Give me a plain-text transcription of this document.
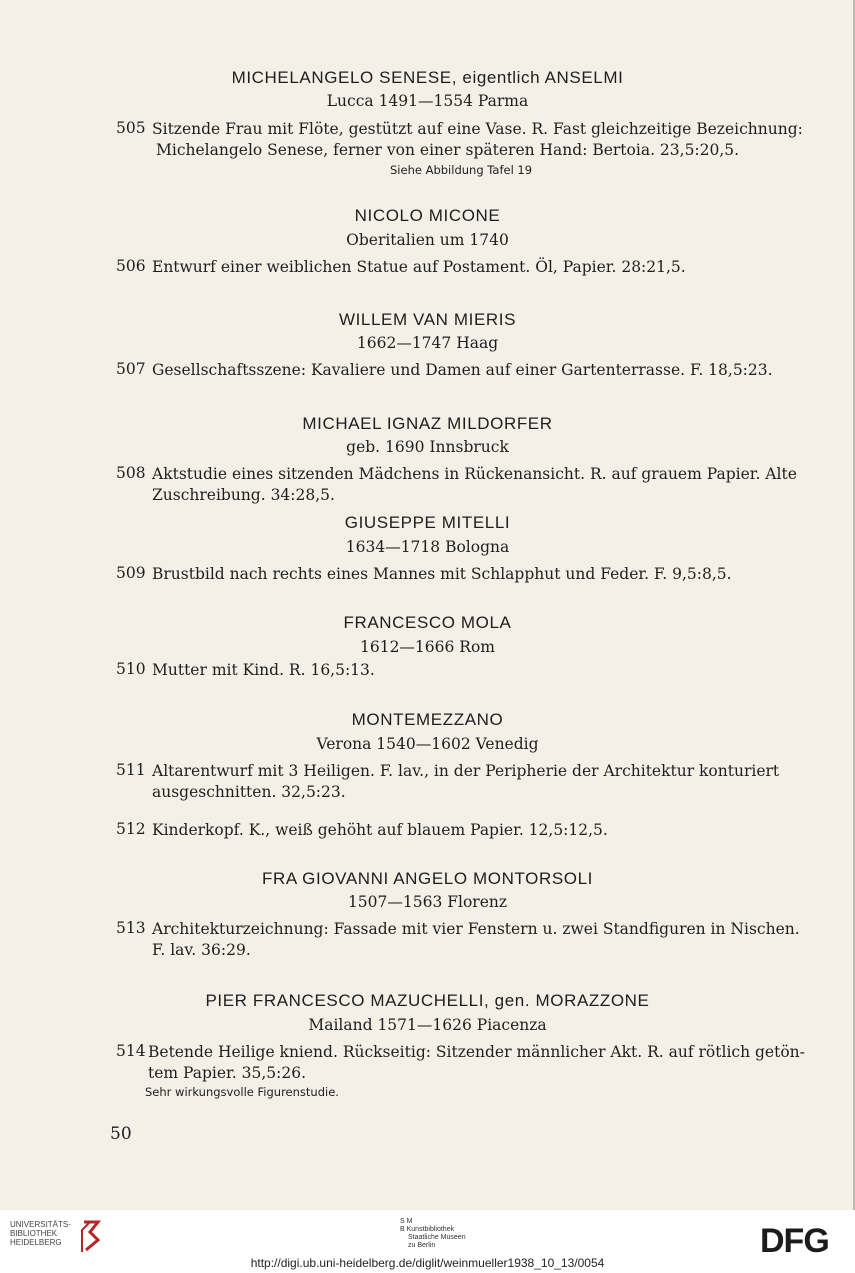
MICHELANGELO SENESE, eigentlich ANSELMI
Lucca 1491—1554 Parma
505 Sitzende Frau mit Flöte, gestützt auf eine Vase. R. Fast gleichzeitige Bezeichnung:
Michelangelo Senese, ferner von einer späteren Hand: Bertoia. 23,5:20,5.
Siehe Abbildung Tafel 19
NICOLO MICONE
Oberitalien um 1740
506 Entwurf einer weiblichen Statue auf Postament. Öl, Papier. 28:21,5.
WILLEM VAN MIERIS
1662—1747 Haag
507 Gesellschaftsszene: Kavaliere und Damen auf einer Gartenterrasse. F. 18,5:23.
MICHAEL IGNAZ MILDORFER
geb. 1690 Innsbruck
508 Aktstudie eines sitzenden Mädchens in Rückenansicht. R. auf grauem Papier. Alte
Zuschreibung. 34:28,5.
GIUSEPPE MITELLI
1634—1718 Bologna
509 Brustbild nach rechts eines Mannes mit Schlapphut und Feder. F. 9,5:8,5.
FRANCESCO MOLA
1612—1666 Rom
510 Mutter mit Kind. R. 16,5:13.
MONTEMEZZANO
Verona 1540—1602 Venedig
511 Altarentwurf mit 3 Heiligen. F. lav., in der Peripherie der Architektur konturiert
ausgeschnitten. 32,5:23.
512 Kinderkopf. K., weiß gehöht auf blauem Papier. 12,5:12,5.
FRA GIOVANNI ANGELO MONTORSOLI
1507—1563 Florenz
513 Architekturzeichnung: Fassade mit vier Fenstern u. zwei Standfiguren in Nischen.
F. lav. 36:29.
PIER FRANCESCO MAZUCHELLI, gen. MORAZZONE
Mailand 1571—1626 Piacenza
514 Betende Heilige kniend. Rückseitig: Sitzender männlicher Akt. R. auf rötlich getön-
tem Papier. 35,5:26.
Sehr wirkungsvolle Figurenstudie.
50
UNIVERSITÄTS-
BIBLIOTHEK
HEIDELBERG
S M
B Kunstbibliothek
Staatliche Museen
zu Berlin	DFG
http://digi.ub.uni-heidelberg.de/diglit/weinmueller1938_10_13/0054
